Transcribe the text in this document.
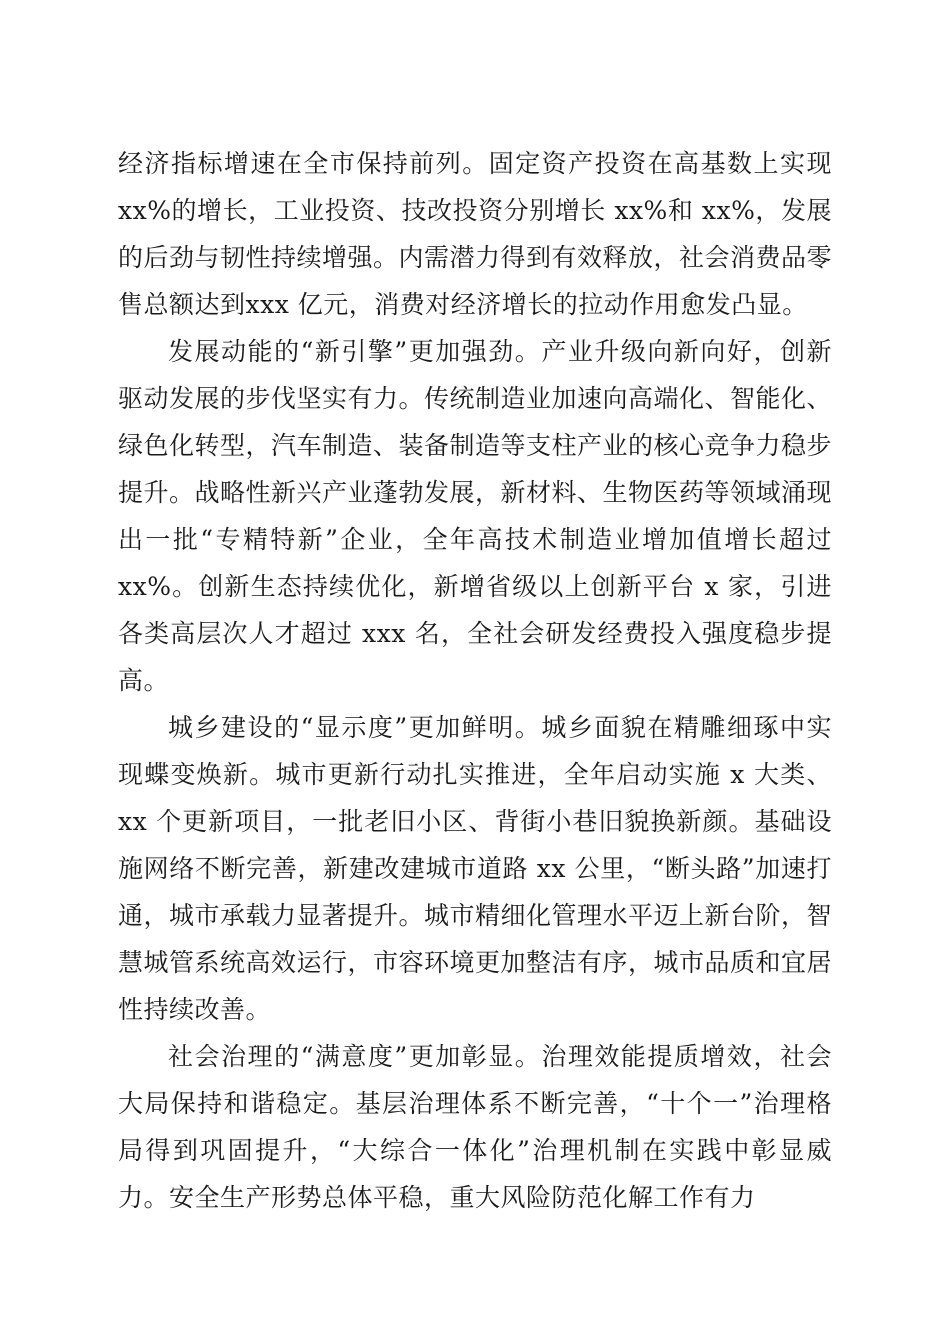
经济指标增速在全市保持前列。固定资产投资在高基数上实现xx%的增长，工业投资、技改投资分别增长 xx%和 xx%，发展的后劲与韧性持续增强。内需潜力得到有效释放，社会消费品零售总额达到xxx 亿元，消费对经济增长的拉动作用愈发凸显。

发展动能的“新引擎”更加强劲。产业升级向新向好，创新驱动发展的步伐坚实有力。传统制造业加速向高端化、智能化、绿色化转型，汽车制造、装备制造等支柱产业的核心竞争力稳步提升。战略性新兴产业蓬勃发展，新材料、生物医药等领域涌现出一批“专精特新”企业，全年高技术制造业增加值增长超过 xx%。创新生态持续优化，新增省级以上创新平台 x 家，引进各类高层次人才超过 xxx 名，全社会研发经费投入强度稳步提高。

城乡建设的“显示度”更加鲜明。城乡面貌在精雕细琢中实现蝶变焕新。城市更新行动扎实推进，全年启动实施 x 大类、xx 个更新项目，一批老旧小区、背街小巷旧貌换新颜。基础设施网络不断完善，新建改建城市道路 xx 公里，“断头路”加速打通，城市承载力显著提升。城市精细化管理水平迈上新台阶，智慧城管系统高效运行，市容环境更加整洁有序，城市品质和宜居性持续改善。

社会治理的“满意度”更加彰显。治理效能提质增效，社会大局保持和谐稳定。基层治理体系不断完善，“十个一”治理格局得到巩固提升，“大综合一体化”治理机制在实践中彰显威力。安全生产形势总体平稳，重大风险防范化解工作有力
